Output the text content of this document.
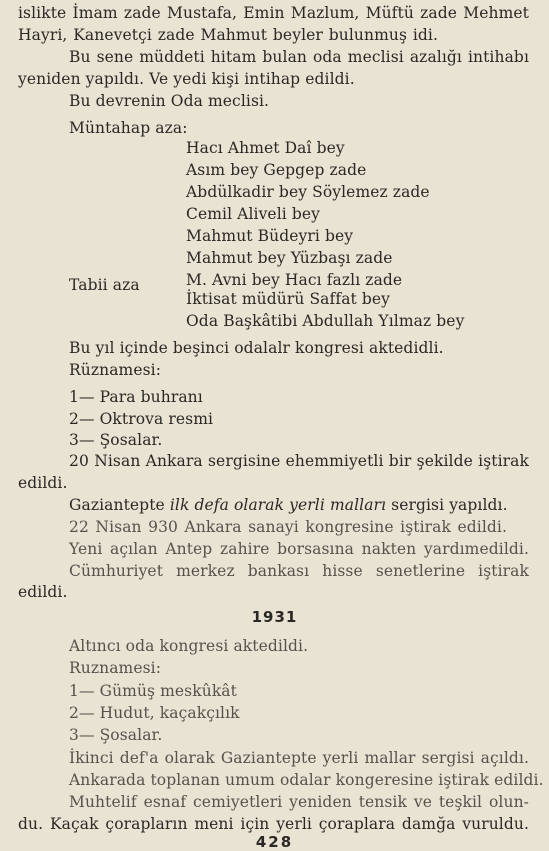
islikte İmam zade Mustafa, Emin Mazlum, Müftü zade Mehmet
Hayri, Kanevetçi zade Mahmut beyler bulunmuş idi.
Bu sene müddeti hitam bulan oda meclisi azalığı intihabı
yeniden yapıldı. Ve yedi kişi intihap edildi.
Bu devrenin Oda meclisi.
Müntahap aza:
Hacı Ahmet Daî bey
Asım bey Gepgep zade
Abdülkadir bey Söylemez zade
Cemil Aliveli bey
Mahmut Büdeyri bey
Mahmut bey Yüzbaşı zade
M. Avni bey Hacı fazlı zade
Tabii aza
İktisat müdürü Saffat bey
Oda Başkâtibi Abdullah Yılmaz bey
Bu yıl içinde beşinci odalalr kongresi aktedidli.
Rüznamesi:
1— Para buhranı
2— Oktrova resmi
3— Şosalar.
20 Nisan Ankara sergisine ehemmiyetli bir şekilde iştirak
edildi.
Gaziantepte ilk defa olarak yerli malları sergisi yapıldı.
22 Nisan 930 Ankara sanayi kongresine iştirak edildi.
Yeni açılan Antep zahire borsasına nakten yardımedildi.
Cümhuriyet merkez bankası hisse senetlerine iştirak
edildi.
1931
Altıncı oda kongresi aktedildi.
Ruznamesi:
1— Gümüş meskûkât
2— Hudut, kaçakçılık
3— Şosalar.
İkinci def'a olarak Gaziantepte yerli mallar sergisi açıldı.
Ankarada toplanan umum odalar kongeresine iştirak edildi.
Muhtelif esnaf cemiyetleri yeniden tensik ve teşkil olun-
du. Kaçak çorapların meni için yerli çoraplara damğa vuruldu.
428
